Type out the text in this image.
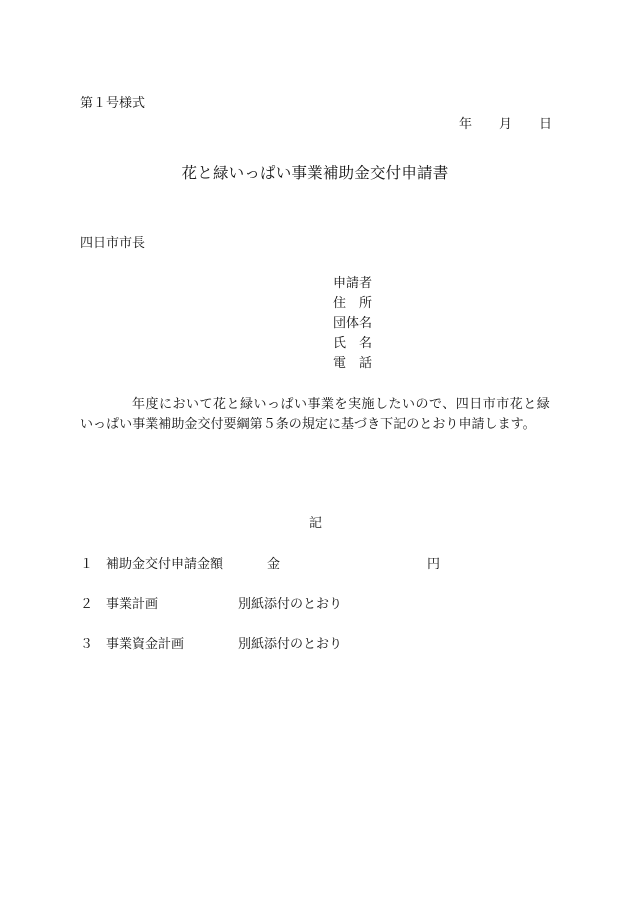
第１号様式
年 月 日
花と緑いっぱい事業補助金交付申請書
四日市市長
申請者
住　所
団体名
氏　名
電　話
年度において花と緑いっぱい事業を実施したいので、四日市市花と緑
いっぱい事業補助金交付要綱第５条の規定に基づき下記のとおり申請します。
記
１ 補助金交付申請金額	金	円
２ 事業計画	別紙添付のとおり
３ 事業資金計画	別紙添付のとおり
